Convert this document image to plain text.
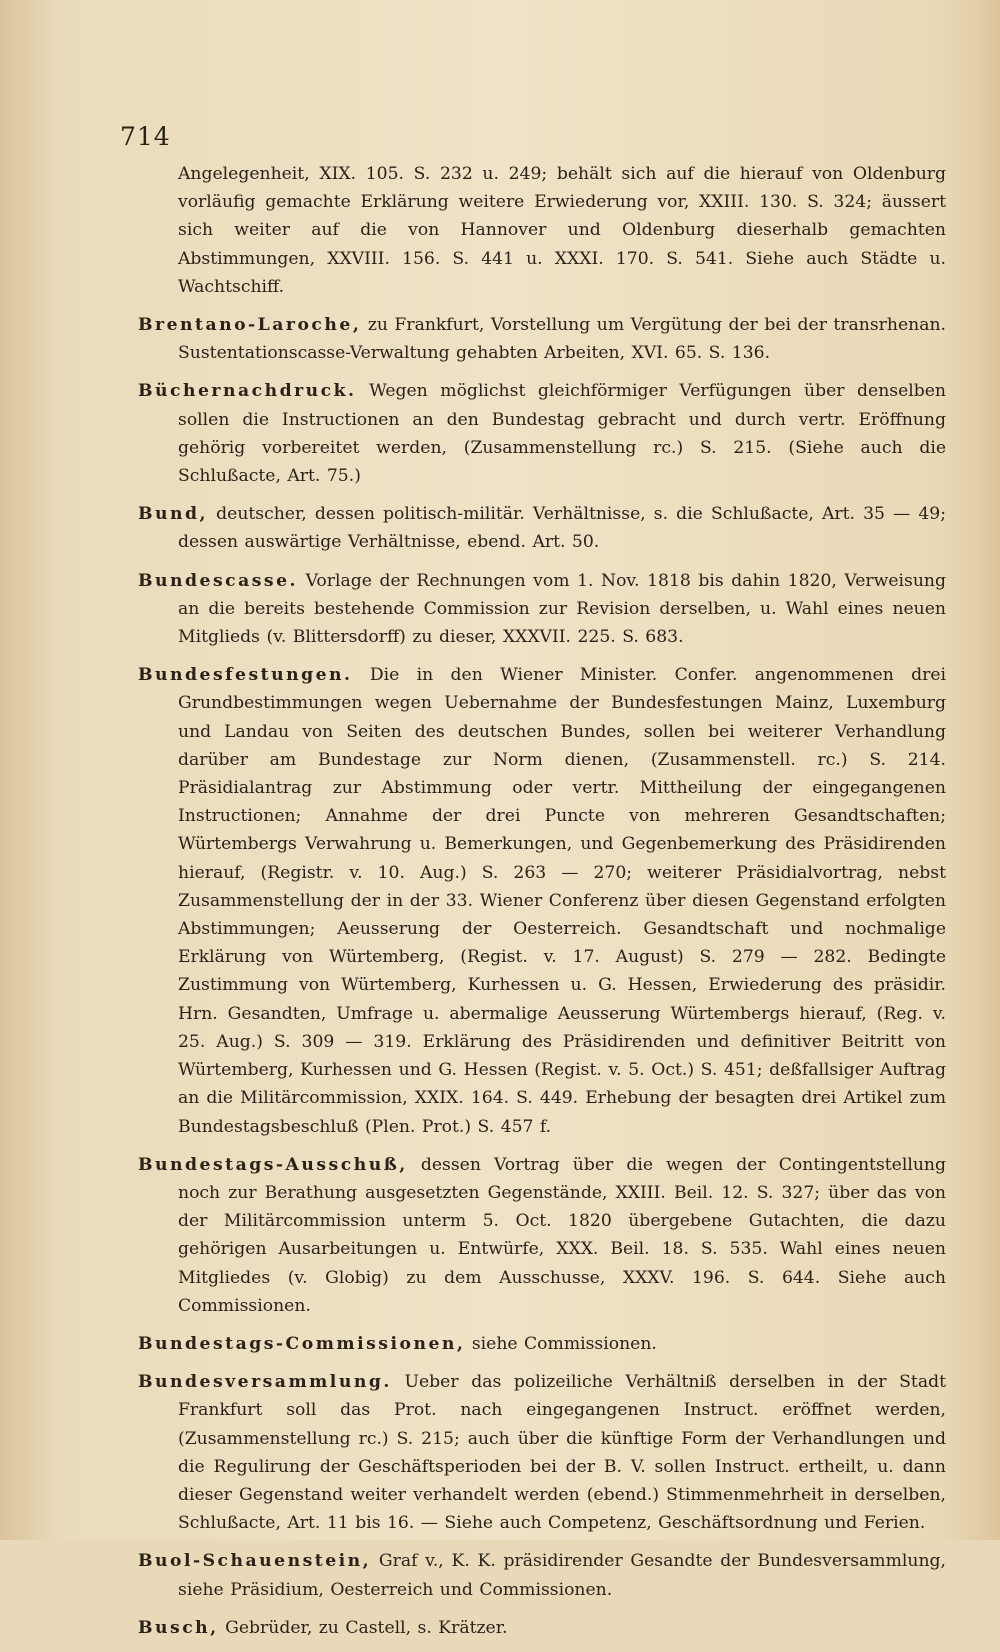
714

Angelegenheit, XIX. 105. S. 232 u. 249; behält sich auf die hierauf von Oldenburg vorläufig gemachte Erklärung weitere Erwiederung vor, XXIII. 130. S. 324; äussert sich weiter auf die von Hannover und Oldenburg dieserhalb gemachten Abstimmungen, XXVIII. 156. S. 441 u. XXXI. 170. S. 541. Siehe auch Städte u. Wachtschiff.

Brentano-Laroche, zu Frankfurt, Vorstellung um Vergütung der bei der transrhenan. Sustentationscasse-Verwaltung gehabten Arbeiten, XVI. 65. S. 136.

Büchernachdruck. Wegen möglichst gleichförmiger Verfügungen über denselben sollen die Instructionen an den Bundestag gebracht und durch vertr. Eröffnung gehörig vorbereitet werden, (Zusammenstellung rc.) S. 215. (Siehe auch die Schlußacte, Art. 75.)

Bund, deutscher, dessen politisch-militär. Verhältnisse, s. die Schlußacte, Art. 35 — 49; dessen auswärtige Verhältnisse, ebend. Art. 50.

Bundescasse. Vorlage der Rechnungen vom 1. Nov. 1818 bis dahin 1820, Verweisung an die bereits bestehende Commission zur Revision derselben, u. Wahl eines neuen Mitglieds (v. Blittersdorff) zu dieser, XXXVII. 225. S. 683.

Bundesfestungen. Die in den Wiener Minister. Confer. angenommenen drei Grundbestimmungen wegen Uebernahme der Bundesfestungen Mainz, Luxemburg und Landau von Seiten des deutschen Bundes, sollen bei weiterer Verhandlung darüber am Bundestage zur Norm dienen, (Zusammenstell. rc.) S. 214. Präsidialantrag zur Abstimmung oder vertr. Mittheilung der eingegangenen Instructionen; Annahme der drei Puncte von mehreren Gesandtschaften; Würtembergs Verwahrung u. Bemerkungen, und Gegenbemerkung des Präsidirenden hierauf, (Registr. v. 10. Aug.) S. 263 — 270; weiterer Präsidialvortrag, nebst Zusammenstellung der in der 33. Wiener Conferenz über diesen Gegenstand erfolgten Abstimmungen; Aeusserung der Oesterreich. Gesandtschaft und nochmalige Erklärung von Würtemberg, (Regist. v. 17. August) S. 279 — 282. Bedingte Zustimmung von Würtemberg, Kurhessen u. G. Hessen, Erwiederung des präsidir. Hrn. Gesandten, Umfrage u. abermalige Aeusserung Würtembergs hierauf, (Reg. v. 25. Aug.) S. 309 — 319. Erklärung des Präsidirenden und definitiver Beitritt von Würtemberg, Kurhessen und G. Hessen (Regist. v. 5. Oct.) S. 451; deßfallsiger Auftrag an die Militärcommission, XXIX. 164. S. 449. Erhebung der besagten drei Artikel zum Bundestagsbeschluß (Plen. Prot.) S. 457 f.

Bundestags-Ausschuß, dessen Vortrag über die wegen der Contingentstellung noch zur Berathung ausgesetzten Gegenstände, XXIII. Beil. 12. S. 327; über das von der Militärcommission unterm 5. Oct. 1820 übergebene Gutachten, die dazu gehörigen Ausarbeitungen u. Entwürfe, XXX. Beil. 18. S. 535. Wahl eines neuen Mitgliedes (v. Globig) zu dem Ausschusse, XXXV. 196. S. 644. Siehe auch Commissionen.

Bundestags-Commissionen, siehe Commissionen.

Bundesversammlung. Ueber das polizeiliche Verhältniß derselben in der Stadt Frankfurt soll das Prot. nach eingegangenen Instruct. eröffnet werden, (Zusammenstellung rc.) S. 215; auch über die künftige Form der Verhandlungen und die Regulirung der Geschäftsperioden bei der B. V. sollen Instruct. ertheilt, u. dann dieser Gegenstand weiter verhandelt werden (ebend.) Stimmenmehrheit in derselben, Schlußacte, Art. 11 bis 16. — Siehe auch Competenz, Geschäftsordnung und Ferien.

Buol-Schauenstein, Graf v., K. K. präsidirender Gesandte der Bundesversammlung, siehe Präsidium, Oesterreich und Commissionen.

Busch, Gebrüder, zu Castell, s. Krätzer.
